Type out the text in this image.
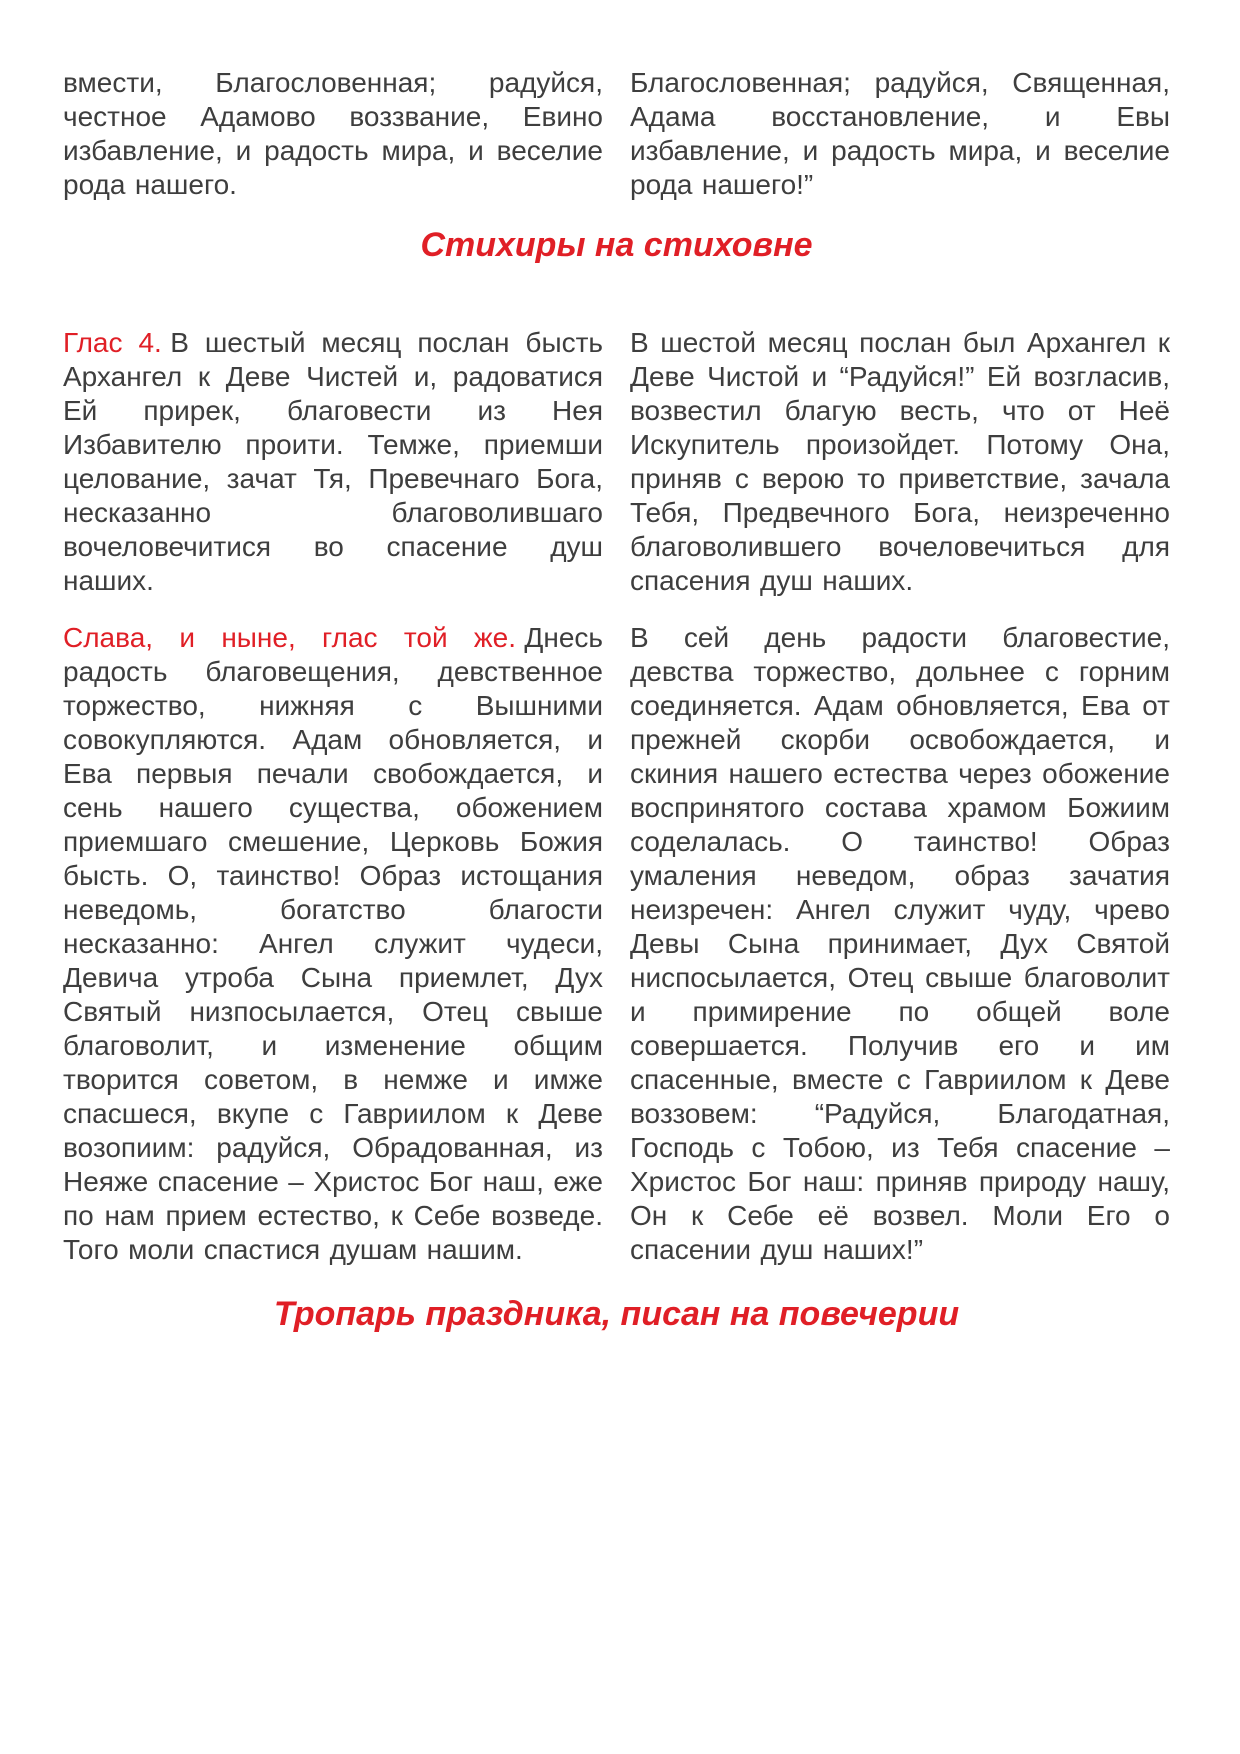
вмести, Благословенная; радуйся, честное Адамово воззвание, Евино избавление, и радость мира, и веселие рода нашего.

Благословенная; радуйся, Священная, Адама восстановление, и Евы избавление, и радость мира, и веселие рода нашего!”

Стихиры на стиховне

Глас 4. В шестый месяц послан бысть Архангел к Деве Чистей и, радоватися Ей прирек, благовести из Нея Избавителю проити. Темже, приемши целование, зачат Тя, Превечнаго Бога, несказанно благоволившаго вочеловечитися во спасение душ наших.

В шестой месяц послан был Архангел к Деве Чистой и “Радуйся!” Ей возгласив, возвестил благую весть, что от Неё Искупитель произойдет. Потому Она, приняв с верою то приветствие, зачала Тебя, Предвечного Бога, неизреченно благоволившего вочеловечиться для спасения душ наших.

Слава, и ныне, глас той же. Днесь радость благовещения, девственное торжество, нижняя с Вышними совокупляются. Адам обновляется, и Ева первыя печали свобождается, и сень нашего существа, обожением приемшаго смешение, Церковь Божия бысть. О, таинство! Образ истощания неведомь, богатство благости несказанно: Ангел служит чудеси, Девича утроба Сына приемлет, Дух Святый низпосылается, Отец свыше благоволит, и изменение общим творится советом, в немже и имже спасшеся, вкупе с Гавриилом к Деве возопиим: радуйся, Обрадованная, из Неяже спасение – Христос Бог наш, еже по нам прием естество, к Себе возведе. Того моли спастися душам нашим.

В сей день радости благовестие, девства торжество, дольнее с горним соединяется. Адам обновляется, Ева от прежней скорби освобождается, и скиния нашего естества через обожение воспринятого состава храмом Божиим соделалась. О таинство! Образ умаления неведом, образ зачатия неизречен: Ангел служит чуду, чрево Девы Сына принимает, Дух Святой ниспосылается, Отец свыше благоволит и примирение по общей воле совершается. Получив его и им спасенные, вместе с Гавриилом к Деве воззовем: “Радуйся, Благодатная, Господь с Тобою, из Тебя спасение – Христос Бог наш: приняв природу нашу, Он к Себе её возвел. Моли Его о спасении душ наших!”

Тропарь праздника, писан на повечерии
